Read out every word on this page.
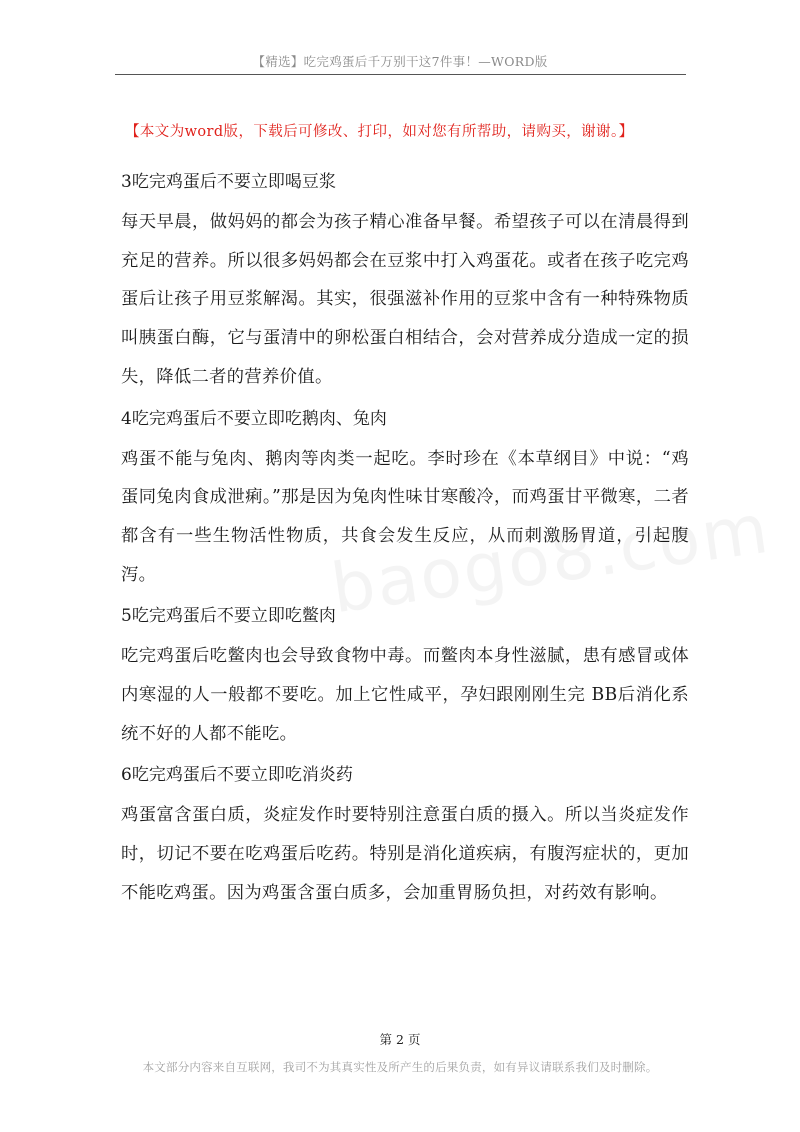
【精选】吃完鸡蛋后千万别干这7件事！—WORD版
【本文为word版，下载后可修改、打印，如对您有所帮助，请购买，谢谢。】
3吃完鸡蛋后不要立即喝豆浆
每天早晨，做妈妈的都会为孩子精心准备早餐。希望孩子可以在清晨得到充足的营养。所以很多妈妈都会在豆浆中打入鸡蛋花。或者在孩子吃完鸡蛋后让孩子用豆浆解渴。其实，很强滋补作用的豆浆中含有一种特殊物质叫胰蛋白酶，它与蛋清中的卵松蛋白相结合，会对营养成分造成一定的损失，降低二者的营养价值。
4吃完鸡蛋后不要立即吃鹅肉、兔肉
鸡蛋不能与兔肉、鹅肉等肉类一起吃。李时珍在《本草纲目》中说：“鸡蛋同兔肉食成泄痢。”那是因为兔肉性味甘寒酸冷，而鸡蛋甘平微寒，二者都含有一些生物活性物质，共食会发生反应，从而刺激肠胃道，引起腹泻。
5吃完鸡蛋后不要立即吃鳖肉
吃完鸡蛋后吃鳖肉也会导致食物中毒。而鳖肉本身性滋腻，患有感冒或体内寒湿的人一般都不要吃。加上它性咸平，孕妇跟刚刚生完 BB后消化系统不好的人都不能吃。
6吃完鸡蛋后不要立即吃消炎药
鸡蛋富含蛋白质，炎症发作时要特别注意蛋白质的摄入。所以当炎症发作时，切记不要在吃鸡蛋后吃药。特别是消化道疾病，有腹泻症状的，更加不能吃鸡蛋。因为鸡蛋含蛋白质多，会加重胃肠负担，对药效有影响。
第 2 页
本文部分内容来自互联网，我司不为其真实性及所产生的后果负责，如有异议请联系我们及时删除。
